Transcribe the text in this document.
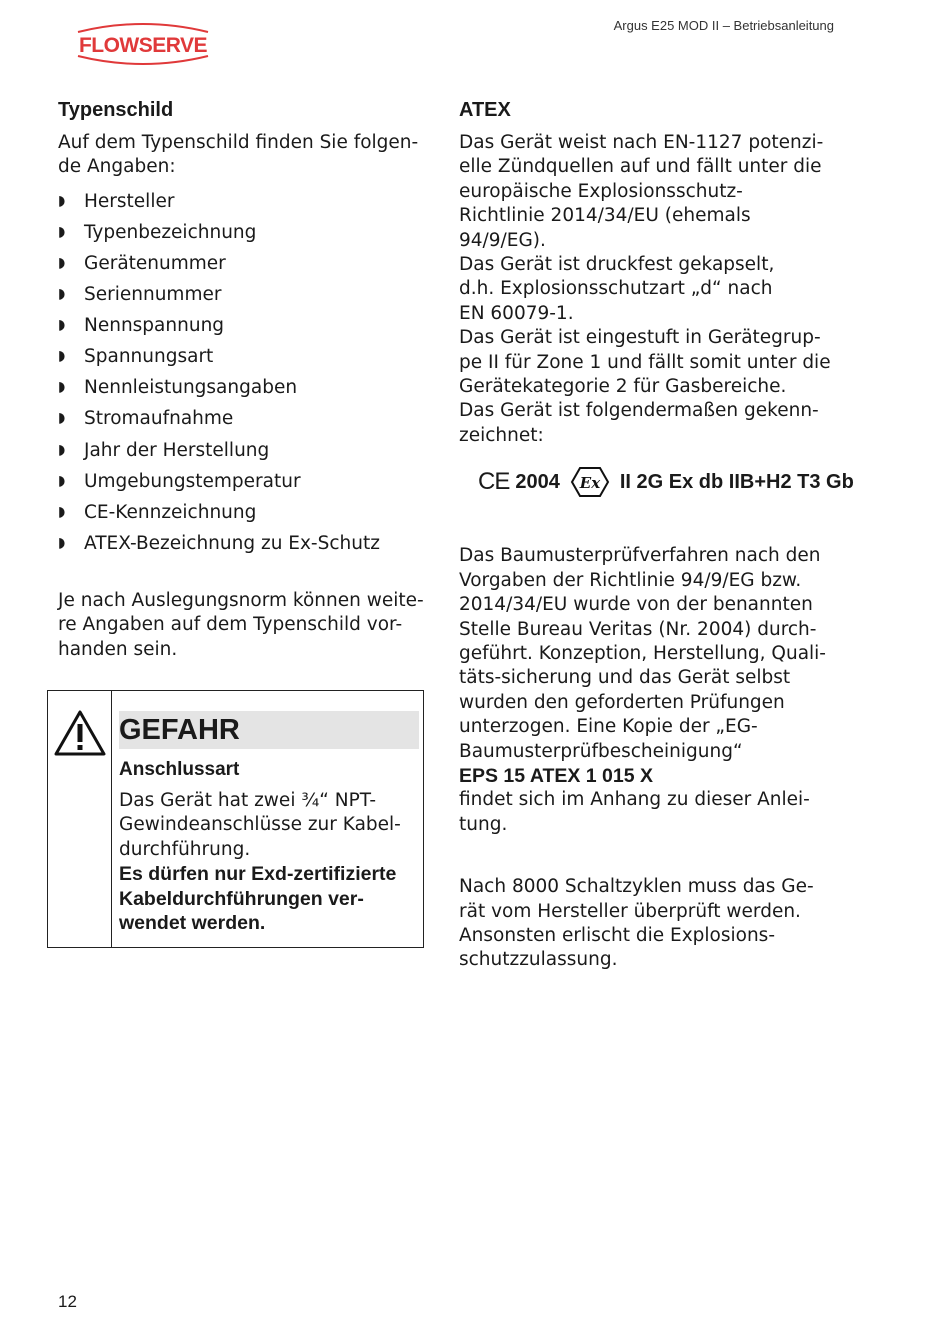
FLOWSERVE
Argus E25 MOD II – Betriebsanleitung
Typenschild

Auf dem Typenschild finden Sie folgen-

de Angaben:

◗ Hersteller
◗ Typenbezeichnung
◗ Gerätenummer
◗ Seriennummer
◗ Nennspannung
◗ Spannungsart
◗ Nennleistungsangaben
◗ Stromaufnahme
◗ Jahr der Herstellung
◗ Umgebungstemperatur
◗ CE-Kennzeichnung
◗ ATEX-Bezeichnung zu Ex-Schutz

Je nach Auslegungsnorm können weite-

re Angaben auf dem Typenschild vor-

handen sein.

GEFAHR
Anschlussart

Das Gerät hat zwei ¾“ NPT-

Gewindeanschlüsse zur Kabel-

durchführung.

Es dürfen nur Exd-zertifizierte

Kabeldurchführungen ver-

wendet werden.

ATEX

Das Gerät weist nach EN-1127 potenzi-

elle Zündquellen auf und fällt unter die

europäische Explosionsschutz-

Richtlinie 2014/34/EU (ehemals

94/9/EG).

Das Gerät ist druckfest gekapselt,

d.h. Explosionsschutzart „d“ nach

EN 60079-1.

Das Gerät ist eingestuft in Gerätegrup-

pe II für Zone 1 und fällt somit unter die

Gerätekategorie 2 für Gasbereiche.

Das Gerät ist folgendermaßen gekenn-

zeichnet:

Das Baumusterprüfverfahren nach den

Vorgaben der Richtlinie 94/9/EG bzw.

2014/34/EU wurde von der benannten

Stelle Bureau Veritas (Nr. 2004) durch-

geführt. Konzeption, Herstellung, Quali-

täts-sicherung und das Gerät selbst

wurden den geforderten Prüfungen

unterzogen. Eine Kopie der „EG-

Baumusterprüfbescheinigung“

EPS 15 ATEX 1 015 X

findet sich im Anhang zu dieser Anlei-

tung.

Nach 8000 Schaltzyklen muss das Ge-

rät vom Hersteller überprüft werden.

Ansonsten erlischt die Explosions-

schutzzulassung.

CE 2004 Ex II 2G Ex db IIB+H2 T3 Gb
12
